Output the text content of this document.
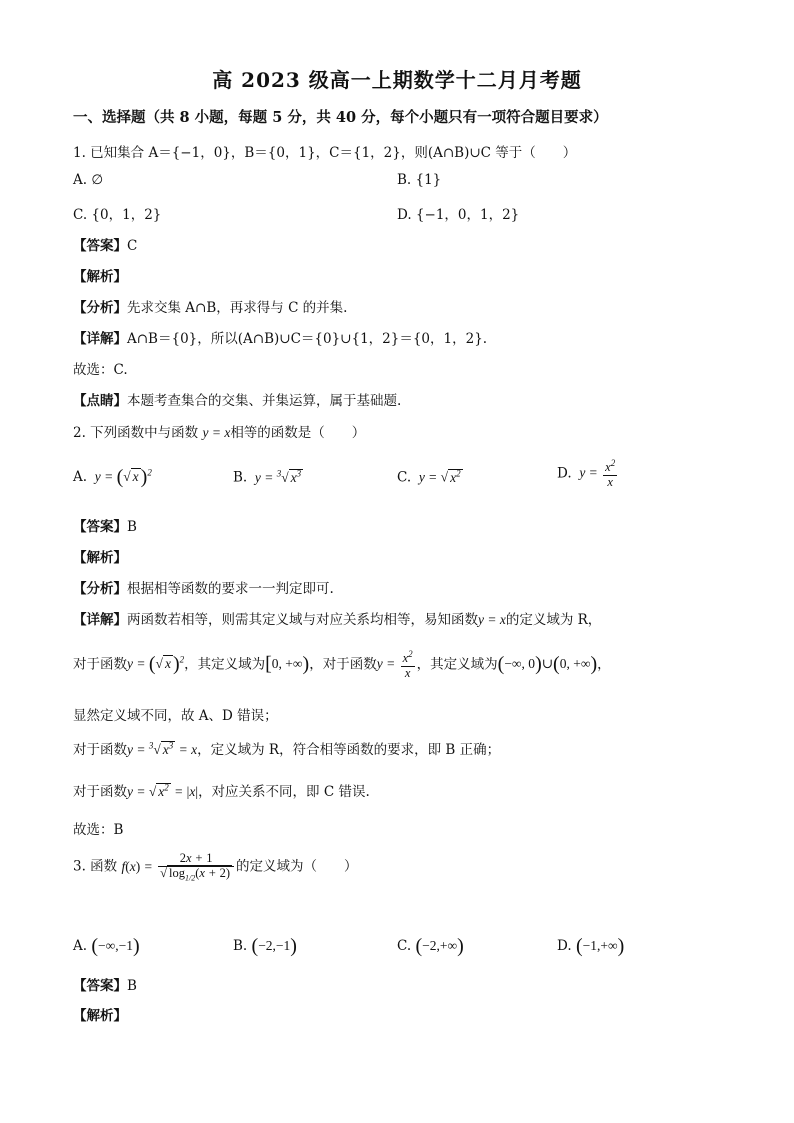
高 2023 级高一上期数学十二月月考题
一、选择题（共 8 小题，每题 5 分，共 40 分，每个小题只有一项符合题目要求）
1. 已知集合 A＝{−1，0}，B＝{0，1}，C＝{1，2}，则(A∩B)∪C 等于（　　）
A. ∅	B. {1}
C. {0，1，2}	D. {−1，0，1，2}
【答案】C
【解析】
【分析】先求交集 A∩B，再求得与 C 的并集.
【详解】A∩B＝{0}，所以(A∩B)∪C＝{0}∪{1，2}＝{0，1，2}.
故选：C.
【点睛】本题考查集合的交集、并集运算，属于基础题.
2. 下列函数中与函数 y = x相等的函数是（　　）
A.  y = (√ x )$^2$	B.  y = $^3$√ $x^3$	C.  y = √ $x^2$	D.  $y = \frac{x^2}{x}$
【答案】B
【解析】
【分析】根据相等函数的要求一一判定即可.
【详解】两函数若相等，则需其定义域与对应关系均相等，易知函数y = x的定义域为 R，
对于函数y = (√ x )$^2$，其定义域为[0, +∞)，对于函数$y = \frac{x^2}{x}$ ，其定义域为(−∞, 0)∪(0, +∞)，
显然定义域不同，故 A、D 错误；
对于函数y = $^3$√ $x^3 = x$，定义域为 R，符合相等函数的要求，即 B 正确；
对于函数y = √ $x^2 = |x|$，对应关系不同，即 C 错误.
故选：B
3. 函数 $f(x) = \frac{2x + 1}{√ \log_{1/2}(x + 2)}$ 的定义域为（　　）
A. (−∞,−1)	B. (−2,−1)	C. (−2,+∞)	D. (−1,+∞)
【答案】B
【解析】
